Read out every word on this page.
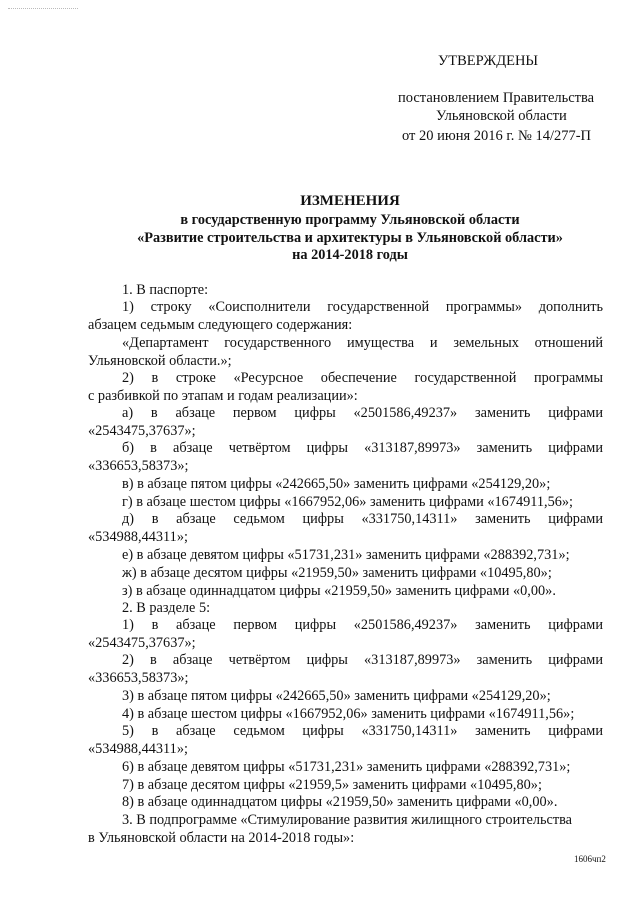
УТВЕРЖДЕНЫ
постановлением Правительства
Ульяновской области
от 20 июня 2016 г. № 14/277-П
ИЗМЕНЕНИЯ
в государственную программу Ульяновской области
«Развитие строительства и архитектуры в Ульяновской области»
на 2014-2018 годы
1. В паспорте:
1) строку «Соисполнители государственной программы» дополнить
абзацем седьмым следующего содержания:
«Департамент государственного имущества и земельных отношений
Ульяновской области.»;
2) в строке «Ресурсное обеспечение государственной программы
с разбивкой по этапам и годам реализации»:
а) в абзаце первом цифры «2501586,49237» заменить цифрами
«2543475,37637»;
б) в абзаце четвёртом цифры «313187,89973» заменить цифрами
«336653,58373»;
в) в абзаце пятом цифры «242665,50» заменить цифрами «254129,20»;
г) в абзаце шестом цифры «1667952,06» заменить цифрами «1674911,56»;
д) в абзаце седьмом цифры «331750,14311» заменить цифрами
«534988,44311»;
е) в абзаце девятом цифры «51731,231» заменить цифрами «288392,731»;
ж) в абзаце десятом цифры «21959,50» заменить цифрами «10495,80»;
з) в абзаце одиннадцатом цифры «21959,50» заменить цифрами «0,00».
2. В разделе 5:
1) в абзаце первом цифры «2501586,49237» заменить цифрами
«2543475,37637»;
2) в абзаце четвёртом цифры «313187,89973» заменить цифрами
«336653,58373»;
3) в абзаце пятом цифры «242665,50» заменить цифрами «254129,20»;
4) в абзаце шестом цифры «1667952,06» заменить цифрами «1674911,56»;
5) в абзаце седьмом цифры «331750,14311» заменить цифрами
«534988,44311»;
6) в абзаце девятом цифры «51731,231» заменить цифрами «288392,731»;
7) в абзаце десятом цифры «21959,5» заменить цифрами «10495,80»;
8) в абзаце одиннадцатом цифры «21959,50» заменить цифрами «0,00».
3. В подпрограмме «Стимулирование развития жилищного строительства
в Ульяновской области на 2014-2018 годы»:
1606чп2
